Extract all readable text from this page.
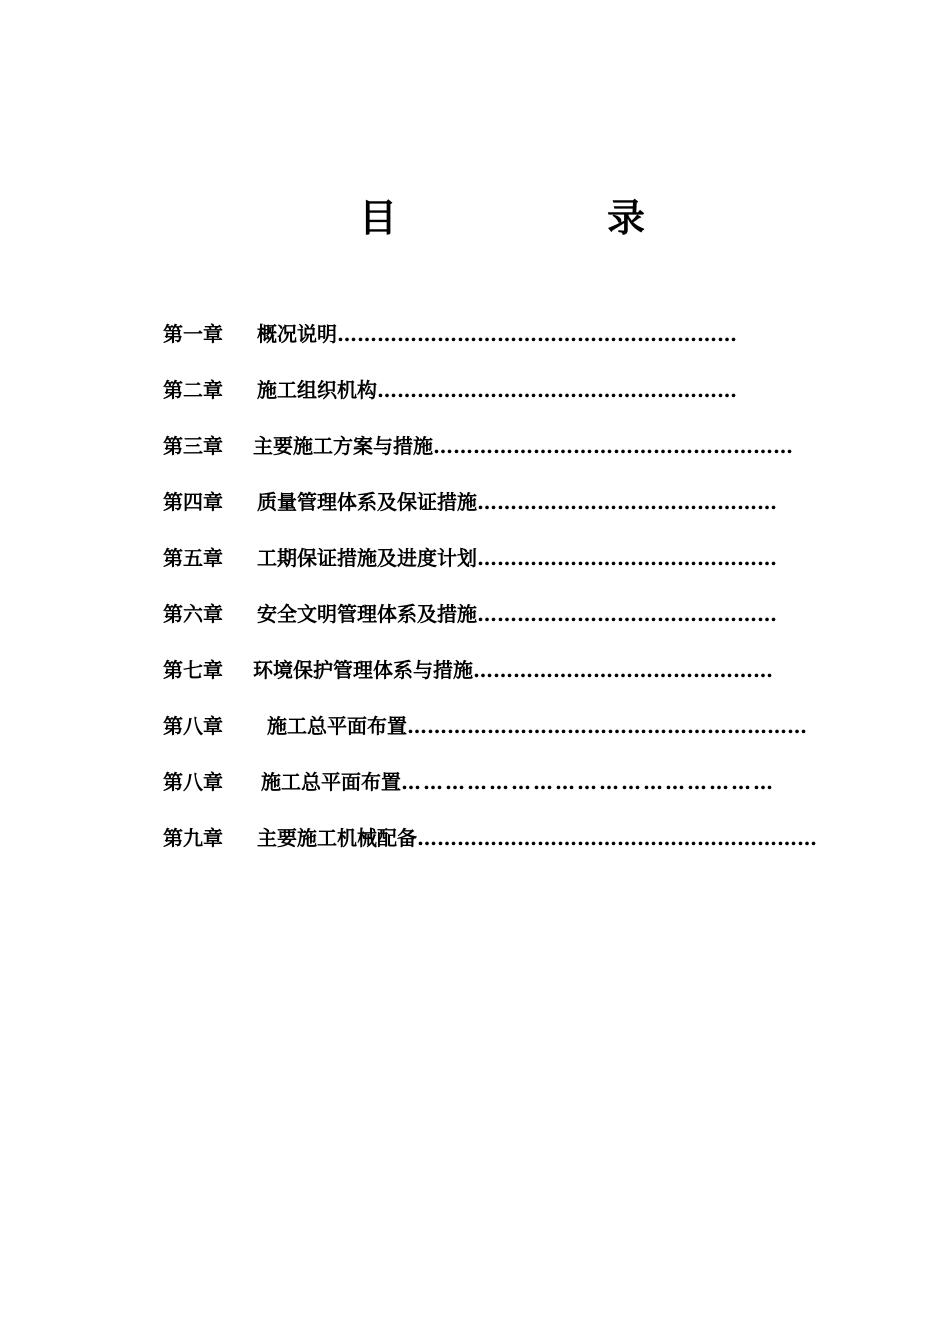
目	录
第一章 概况说明……………………………………………………
第二章 施工组织机构………………………………………………
第三章 主要施工方案与措施………………………………………………
第四章 质量管理体系及保证措施………………………………………
第五章 工期保证措施及进度计划………………………………………
第六章 安全文明管理体系及措施………………………………………
第七章 环境保护管理体系与措施………………………………………
第八章 施工总平面布置……………………………………………………
第八章 施工总平面布置……………………………………………
第九章 主要施工机械配备……………………………………………………
